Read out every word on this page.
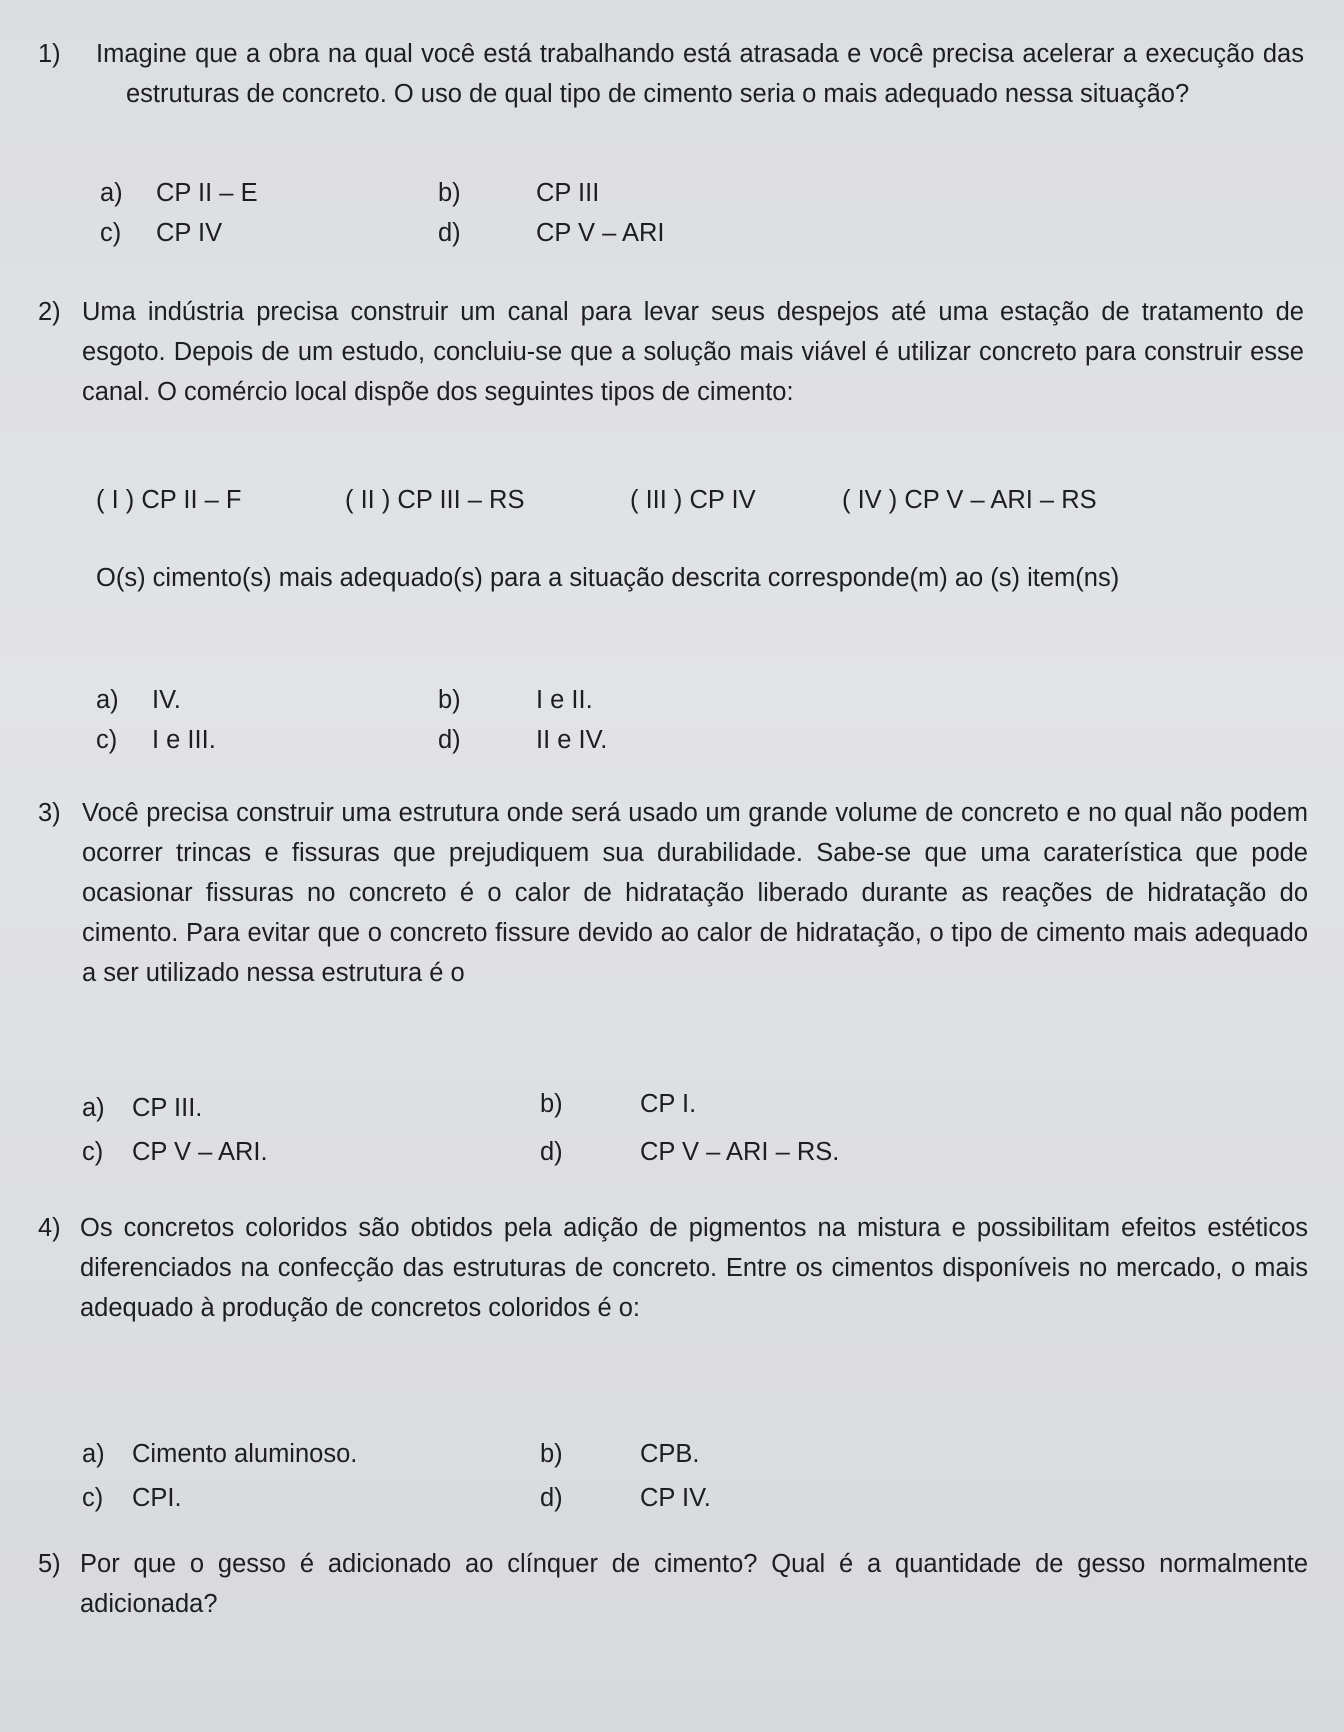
1) Imagine que a obra na qual você está trabalhando está atrasada e você precisa acelerar a execução das estruturas de concreto. O uso de qual tipo de cimento seria o mais adequado nessa situação?
a) CP II – E	b)	CP III
c) CP IV	d)	CP V – ARI
2) Uma indústria precisa construir um canal para levar seus despejos até uma estação de tratamento de esgoto. Depois de um estudo, concluiu-se que a solução mais viável é utilizar concreto para construir esse canal. O comércio local dispõe dos seguintes tipos de cimento:
( I ) CP II – F	( II ) CP III – RS	( III ) CP IV	( IV ) CP V – ARI – RS
O(s) cimento(s) mais adequado(s) para a situação descrita corresponde(m) ao (s) item(ns)
a) IV.	b)	I e II.
c) I e III.	d)	II e IV.
3) Você precisa construir uma estrutura onde será usado um grande volume de concreto e no qual não podem ocorrer trincas e fissuras que prejudiquem sua durabilidade. Sabe-se que uma caraterística que pode ocasionar fissuras no concreto é o calor de hidratação liberado durante as reações de hidratação do cimento. Para evitar que o concreto fissure devido ao calor de hidratação, o tipo de cimento mais adequado a ser utilizado nessa estrutura é o
a) CP III.	b)	CP I.
c) CP V – ARI.	d)	CP V – ARI – RS.
4) Os concretos coloridos são obtidos pela adição de pigmentos na mistura e possibilitam efeitos estéticos diferenciados na confecção das estruturas de concreto. Entre os cimentos disponíveis no mercado, o mais adequado à produção de concretos coloridos é o:
a) Cimento aluminoso.	b)	CPB.
c) CPI.	d)	CP IV.
5) Por que o gesso é adicionado ao clínquer de cimento? Qual é a quantidade de gesso normalmente adicionada?
